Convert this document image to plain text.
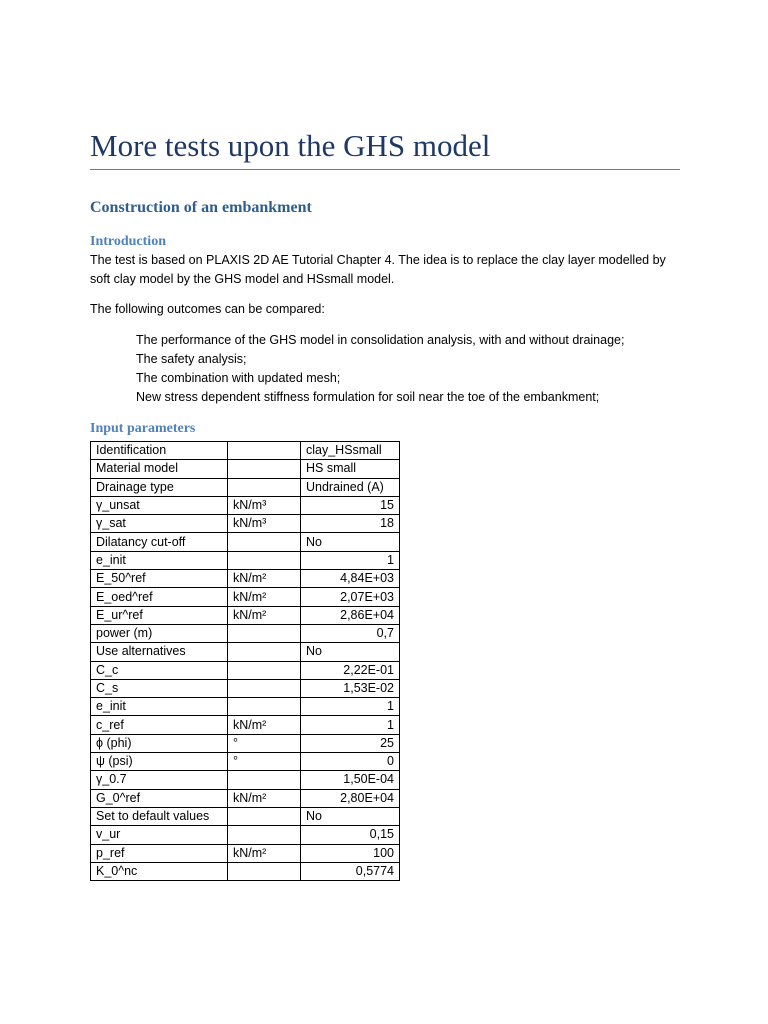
More tests upon the GHS model
Construction of an embankment
Introduction

The test is based on PLAXIS 2D AE Tutorial Chapter 4. The idea is to replace the clay layer modelled by soft clay model by the GHS model and HSsmall model.

The following outcomes can be compared:

The performance of the GHS model in consolidation analysis, with and without drainage;
The safety analysis;
The combination with updated mesh;
New stress dependent stiffness formulation for soil near the toe of the embankment;
Input parameters
Identification		clay_HSsmall
Material model		HS small
Drainage type		Undrained (A)
γ_unsat	kN/m³	15
γ_sat	kN/m³	18
Dilatancy cut-off		No
e_init		1
E_50^ref	kN/m²	4,84E+03
E_oed^ref	kN/m²	2,07E+03
E_ur^ref	kN/m²	2,86E+04
power (m)		0,7
Use alternatives		No
C_c		2,22E-01
C_s		1,53E-02
e_init		1
c_ref	kN/m²	1
ϕ (phi)	°	25
ψ (psi)	°	0
γ_0.7		1,50E-04
G_0^ref	kN/m²	2,80E+04
Set to default values		No
v_ur		0,15
p_ref	kN/m²	100
K_0^nc		0,5774
